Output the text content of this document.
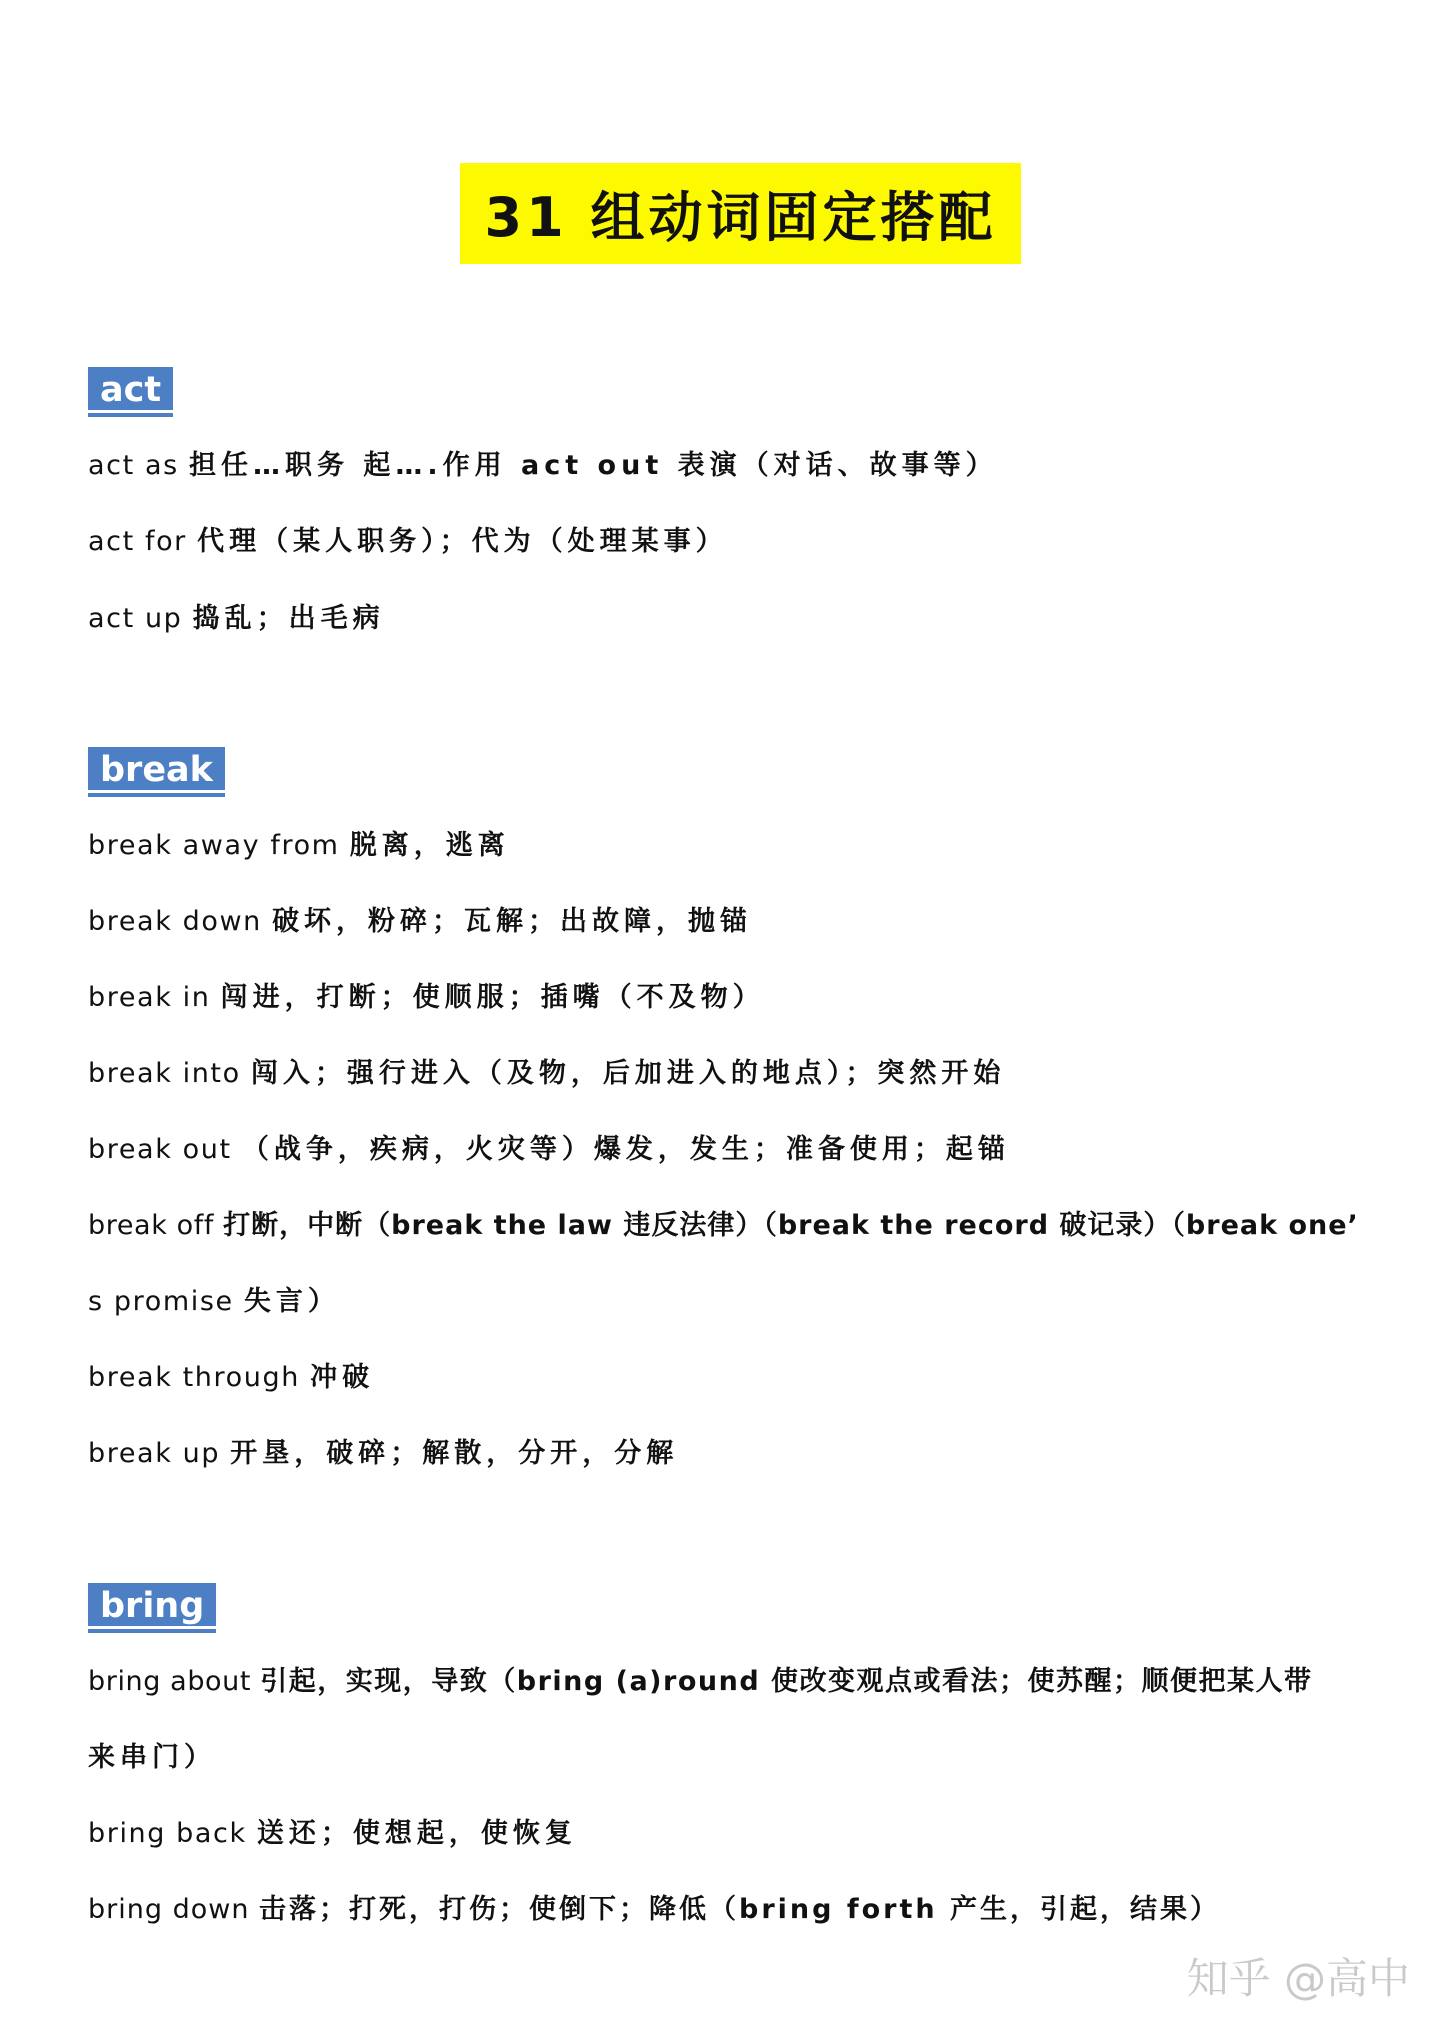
31 组动词固定搭配
act
act as 担任…职务 起….作用 act out 表演（对话、故事等）
act for 代理（某人职务）；代为（处理某事）
act up 捣乱；出毛病
break
break away from 脱离，逃离
break down 破坏，粉碎；瓦解；出故障，抛锚
break in 闯进，打断；使顺服；插嘴（不及物）
break into 闯入；强行进入（及物，后加进入的地点）；突然开始
break out （战争，疾病，火灾等）爆发，发生；准备使用；起锚
break off 打断，中断（break the law 违反法律）（break the record 破记录）（break one’
s promise 失言）
break through 冲破
break up 开垦，破碎；解散，分开，分解
bring
bring about 引起，实现，导致（bring (a)round 使改变观点或看法；使苏醒；顺便把某人带
来串门）
bring back 送还；使想起，使恢复
bring down 击落；打死，打伤；使倒下；降低（bring forth 产生，引起，结果）
知乎 @高中
